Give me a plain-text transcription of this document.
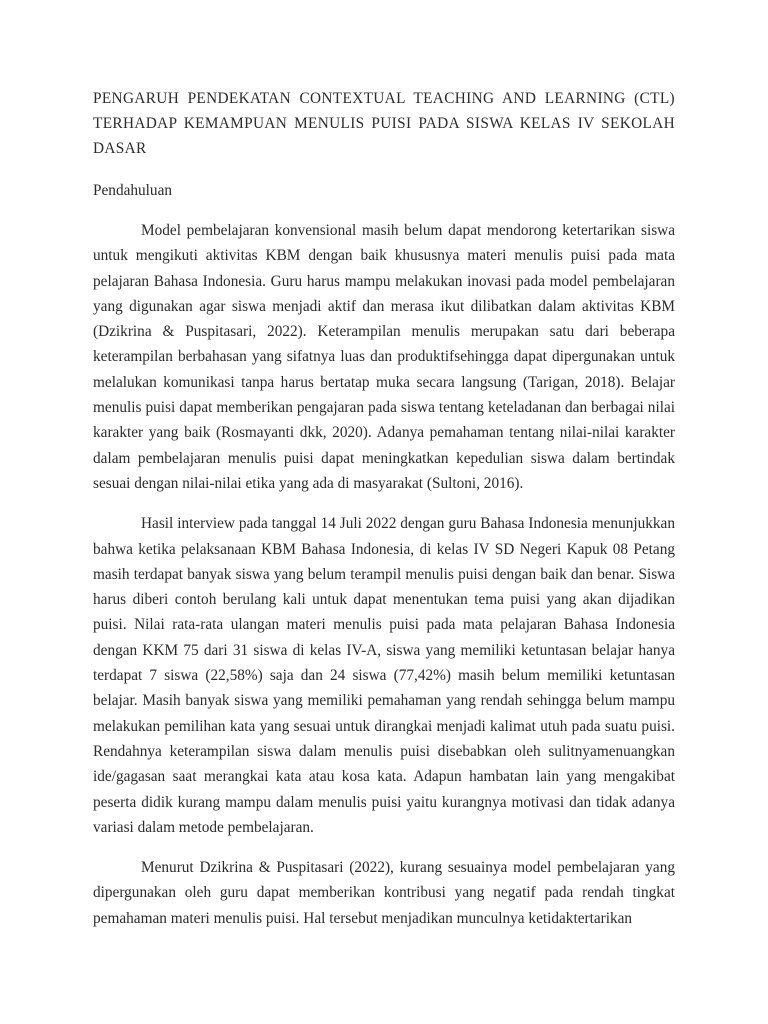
PENGARUH PENDEKATAN CONTEXTUAL TEACHING AND LEARNING (CTL) TERHADAP KEMAMPUAN MENULIS PUISI PADA SISWA KELAS IV SEKOLAH DASAR
Pendahuluan

Model pembelajaran konvensional masih belum dapat mendorong ketertarikan siswa untuk mengikuti aktivitas KBM dengan baik khususnya materi menulis puisi pada mata pelajaran Bahasa Indonesia. Guru harus mampu melakukan inovasi pada model pembelajaran yang digunakan agar siswa menjadi aktif dan merasa ikut dilibatkan dalam aktivitas KBM (Dzikrina & Puspitasari, 2022). Keterampilan menulis merupakan satu dari beberapa keterampilan berbahasan yang sifatnya luas dan produktifsehingga dapat dipergunakan untuk melalukan komunikasi tanpa harus bertatap muka secara langsung (Tarigan, 2018). Belajar menulis puisi dapat memberikan pengajaran pada siswa tentang keteladanan dan berbagai nilai karakter yang baik (Rosmayanti dkk, 2020). Adanya pemahaman tentang nilai-nilai karakter dalam pembelajaran menulis puisi dapat meningkatkan kepedulian siswa dalam bertindak sesuai dengan nilai-nilai etika yang ada di masyarakat (Sultoni, 2016).

Hasil interview pada tanggal 14 Juli 2022 dengan guru Bahasa Indonesia menunjukkan bahwa ketika pelaksanaan KBM Bahasa Indonesia, di kelas IV SD Negeri Kapuk 08 Petang masih terdapat banyak siswa yang belum terampil menulis puisi dengan baik dan benar. Siswa harus diberi contoh berulang kali untuk dapat menentukan tema puisi yang akan dijadikan puisi. Nilai rata-rata ulangan materi menulis puisi pada mata pelajaran Bahasa Indonesia dengan KKM 75 dari 31 siswa di kelas IV-A, siswa yang memiliki ketuntasan belajar hanya terdapat 7 siswa (22,58%) saja dan 24 siswa (77,42%) masih belum memiliki ketuntasan belajar. Masih banyak siswa yang memiliki pemahaman yang rendah sehingga belum mampu melakukan pemilihan kata yang sesuai untuk dirangkai menjadi kalimat utuh pada suatu puisi. Rendahnya keterampilan siswa dalam menulis puisi disebabkan oleh sulitnyamenuangkan ide/gagasan saat merangkai kata atau kosa kata. Adapun hambatan lain yang mengakibat peserta didik kurang mampu dalam menulis puisi yaitu kurangnya motivasi dan tidak adanya variasi dalam metode pembelajaran.

Menurut Dzikrina & Puspitasari (2022), kurang sesuainya model pembelajaran yang dipergunakan oleh guru dapat memberikan kontribusi yang negatif pada rendah tingkat pemahaman materi menulis puisi. Hal tersebut menjadikan munculnya ketidaktertarikan
